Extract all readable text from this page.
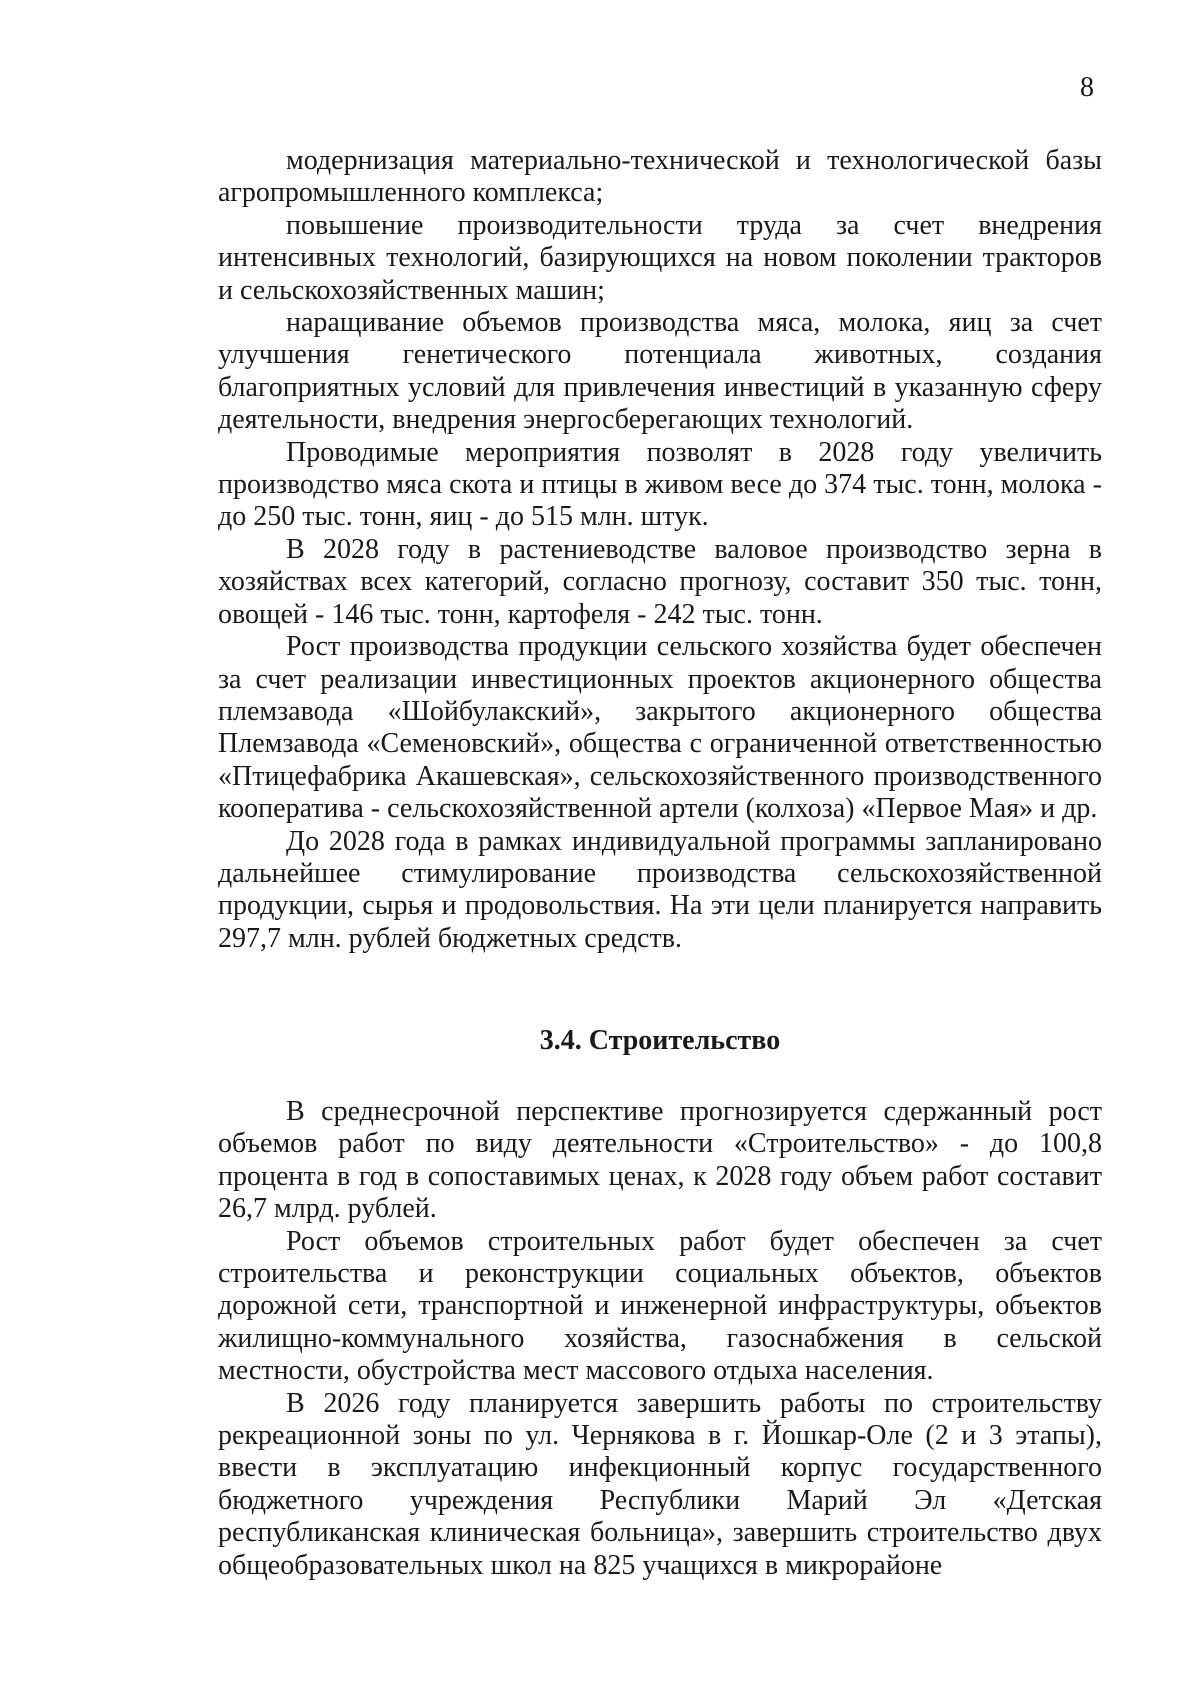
8

модернизация материально-технической и технологической базы агропромышленного комплекса;

повышение производительности труда за счет внедрения интенсивных технологий, базирующихся на новом поколении тракторов и сельскохозяйственных машин;

наращивание объемов производства мяса, молока, яиц за счет улучшения генетического потенциала животных, создания благоприятных условий для привлечения инвестиций в указанную сферу деятельности, внедрения энергосберегающих технологий.

Проводимые мероприятия позволят в 2028 году увеличить производство мяса скота и птицы в живом весе до 374 тыс. тонн, молока - до 250 тыс. тонн, яиц - до 515 млн. штук.

В 2028 году в растениеводстве валовое производство зерна в хозяйствах всех категорий, согласно прогнозу, составит 350 тыс. тонн, овощей - 146 тыс. тонн, картофеля - 242 тыс. тонн.

Рост производства продукции сельского хозяйства будет обеспечен за счет реализации инвестиционных проектов акционерного общества племзавода «Шойбулакский», закрытого акционерного общества Племзавода «Семеновский», общества с ограниченной ответственностью «Птицефабрика Акашевская», сельскохозяйственного производственного кооператива - сельскохозяйственной артели (колхоза) «Первое Мая» и др.

До 2028 года в рамках индивидуальной программы запланировано дальнейшее стимулирование производства сельскохозяйственной продукции, сырья и продовольствия. На эти цели планируется направить 297,7 млн. рублей бюджетных средств.

3.4. Строительство

В среднесрочной перспективе прогнозируется сдержанный рост объемов работ по виду деятельности «Строительство» - до 100,8 процента в год в сопоставимых ценах, к 2028 году объем работ составит 26,7 млрд. рублей.

Рост объемов строительных работ будет обеспечен за счет строительства и реконструкции социальных объектов, объектов дорожной сети, транспортной и инженерной инфраструктуры, объектов жилищно-коммунального хозяйства, газоснабжения в сельской местности, обустройства мест массового отдыха населения.

В 2026 году планируется завершить работы по строительству рекреационной зоны по ул. Чернякова в г. Йошкар-Оле (2 и 3 этапы), ввести в эксплуатацию инфекционный корпус государственного бюджетного учреждения Республики Марий Эл «Детская республиканская клиническая больница», завершить строительство двух общеобразовательных школ на 825 учащихся в микрорайоне
